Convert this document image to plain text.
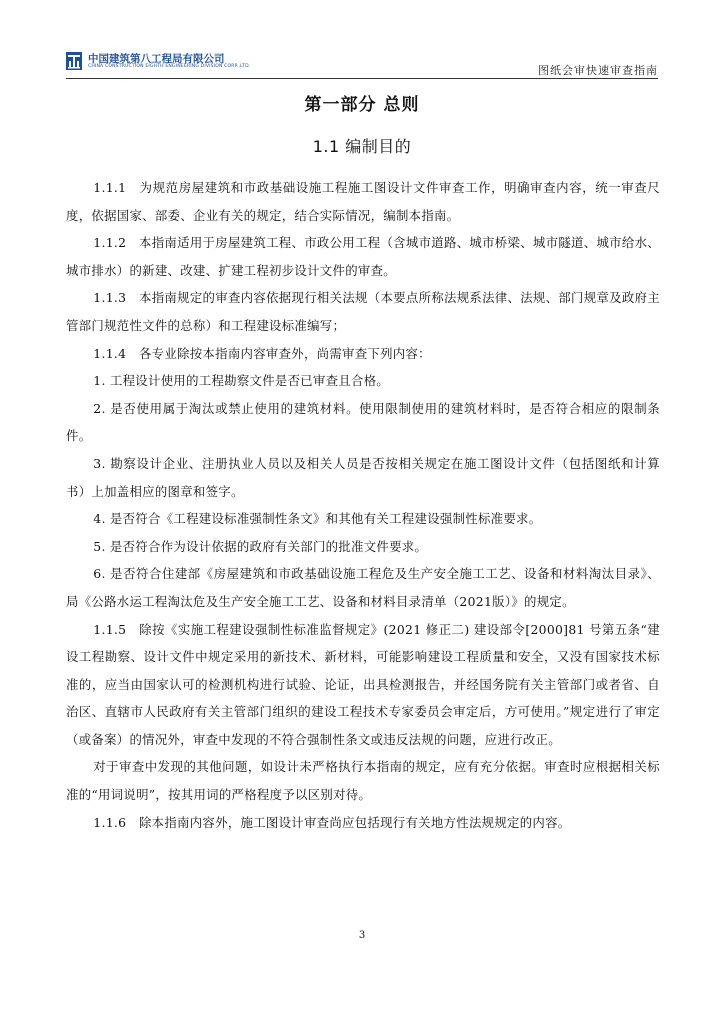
中国建筑第八工程局有限公司
CHINA CONSTRUCTION EIGHTH ENGINEERING DIVISION CORP.,LTD.	图纸会审快速审查指南
第一部分 总则
1.1 编制目的

1.1.1　为规范房屋建筑和市政基础设施工程施工图设计文件审查工作，明确审查内容，统一审查尺度，依据国家、部委、企业有关的规定，结合实际情况，编制本指南。

1.1.2　本指南适用于房屋建筑工程、市政公用工程（含城市道路、城市桥梁、城市隧道、城市给水、城市排水）的新建、改建、扩建工程初步设计文件的审查。

1.1.3　本指南规定的审查内容依据现行相关法规（本要点所称法规系法律、法规、部门规章及政府主管部门规范性文件的总称）和工程建设标准编写；

1.1.4　各专业除按本指南内容审查外，尚需审查下列内容：

1. 工程设计使用的工程勘察文件是否已审查且合格。

2. 是否使用属于淘汰或禁止使用的建筑材料。使用限制使用的建筑材料时，是否符合相应的限制条件。

3. 勘察设计企业、注册执业人员以及相关人员是否按相关规定在施工图设计文件（包括图纸和计算书）上加盖相应的图章和签字。

4. 是否符合《工程建设标准强制性条文》和其他有关工程建设强制性标准要求。

5. 是否符合作为设计依据的政府有关部门的批准文件要求。

6. 是否符合住建部《房屋建筑和市政基础设施工程危及生产安全施工工艺、设备和材料淘汰目录》、局《公路水运工程淘汰危及生产安全施工工艺、设备和材料目录清单（2021版）》的规定。

1.1.5　除按《实施工程建设强制性标准监督规定》(2021 修正二) 建设部令[2000]81 号第五条“建设工程勘察、设计文件中规定采用的新技术、新材料，可能影响建设工程质量和安全，又没有国家技术标准的，应当由国家认可的检测机构进行试验、论证，出具检测报告，并经国务院有关主管部门或者省、自治区、直辖市人民政府有关主管部门组织的建设工程技术专家委员会审定后，方可使用。”规定进行了审定（或备案）的情况外，审查中发现的不符合强制性条文或违反法规的问题，应进行改正。

对于审查中发现的其他问题，如设计未严格执行本指南的规定，应有充分依据。审查时应根据相关标准的“用词说明”，按其用词的严格程度予以区别对待。

1.1.6　除本指南内容外，施工图设计审查尚应包括现行有关地方性法规规定的内容。

3
